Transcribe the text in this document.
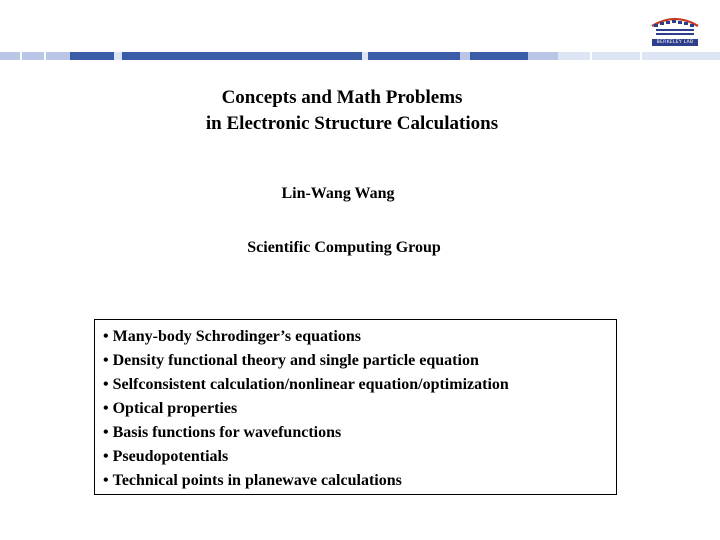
BERKELEY LAB
Concepts and Math Problems
in Electronic Structure Calculations
Lin-Wang Wang
Scientific Computing Group
• Many-body Schrodinger’s equations
• Density functional theory and single particle equation
• Selfconsistent calculation/nonlinear equation/optimization
• Optical properties
• Basis functions for wavefunctions
• Pseudopotentials
• Technical points in planewave calculations
